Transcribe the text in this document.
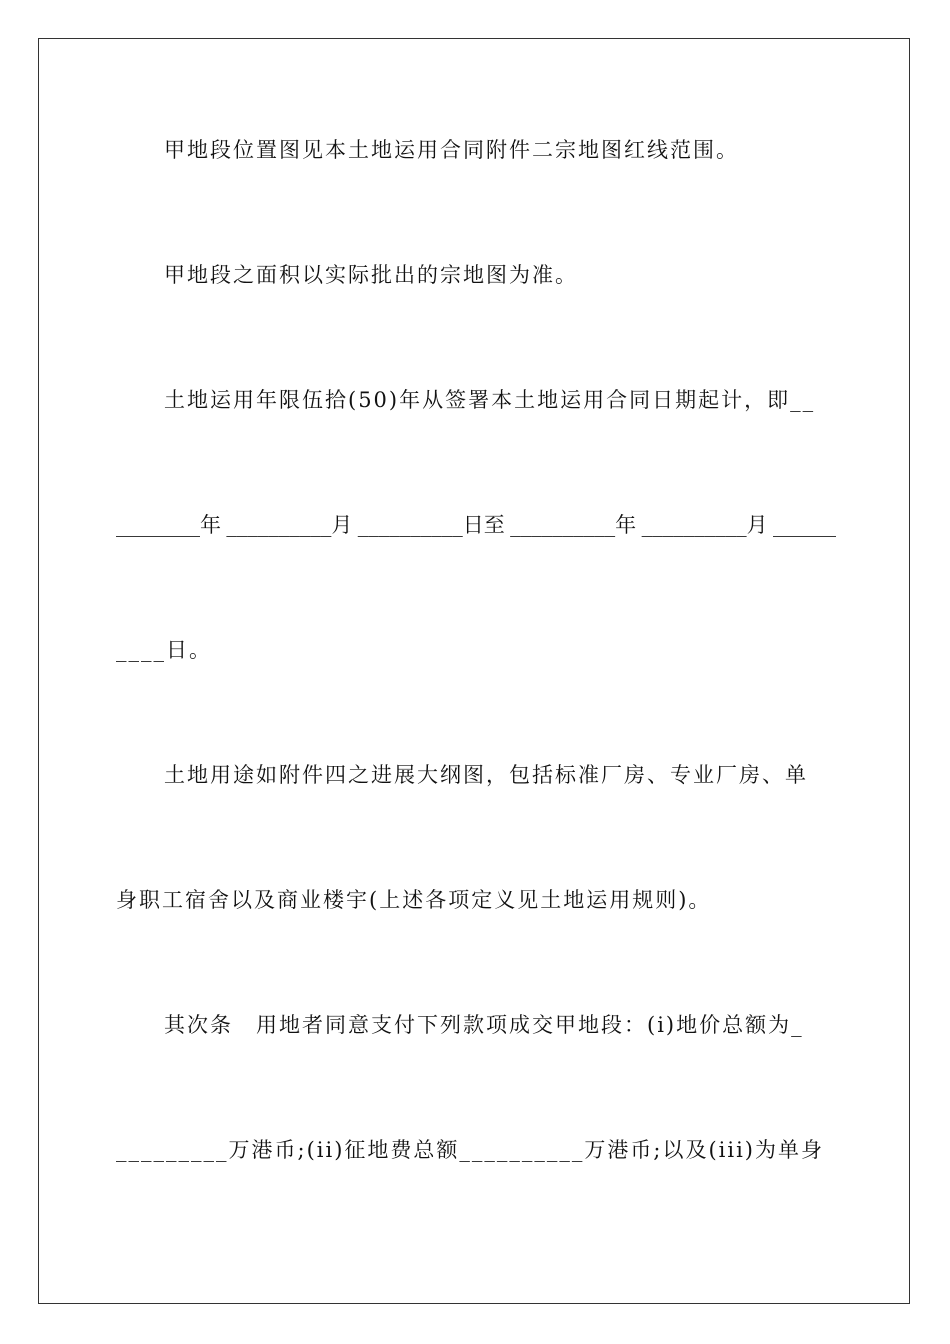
甲地段位置图见本土地运用合同附件二宗地图红线范围。
甲地段之面积以实际批出的宗地图为准。
土地运用年限伍拾(50)年从签署本土地运用合同日期起计，即__
________年 __________月 __________日至 __________年 __________月 ______
____日。
土地用途如附件四之进展大纲图，包括标准厂房、专业厂房、单
身职工宿舍以及商业楼宇(上述各项定义见土地运用规则)。
其次条　用地者同意支付下列款项成交甲地段：(i)地价总额为_
_________万港币;(ii)征地费总额__________万港币;以及(iii)为单身
